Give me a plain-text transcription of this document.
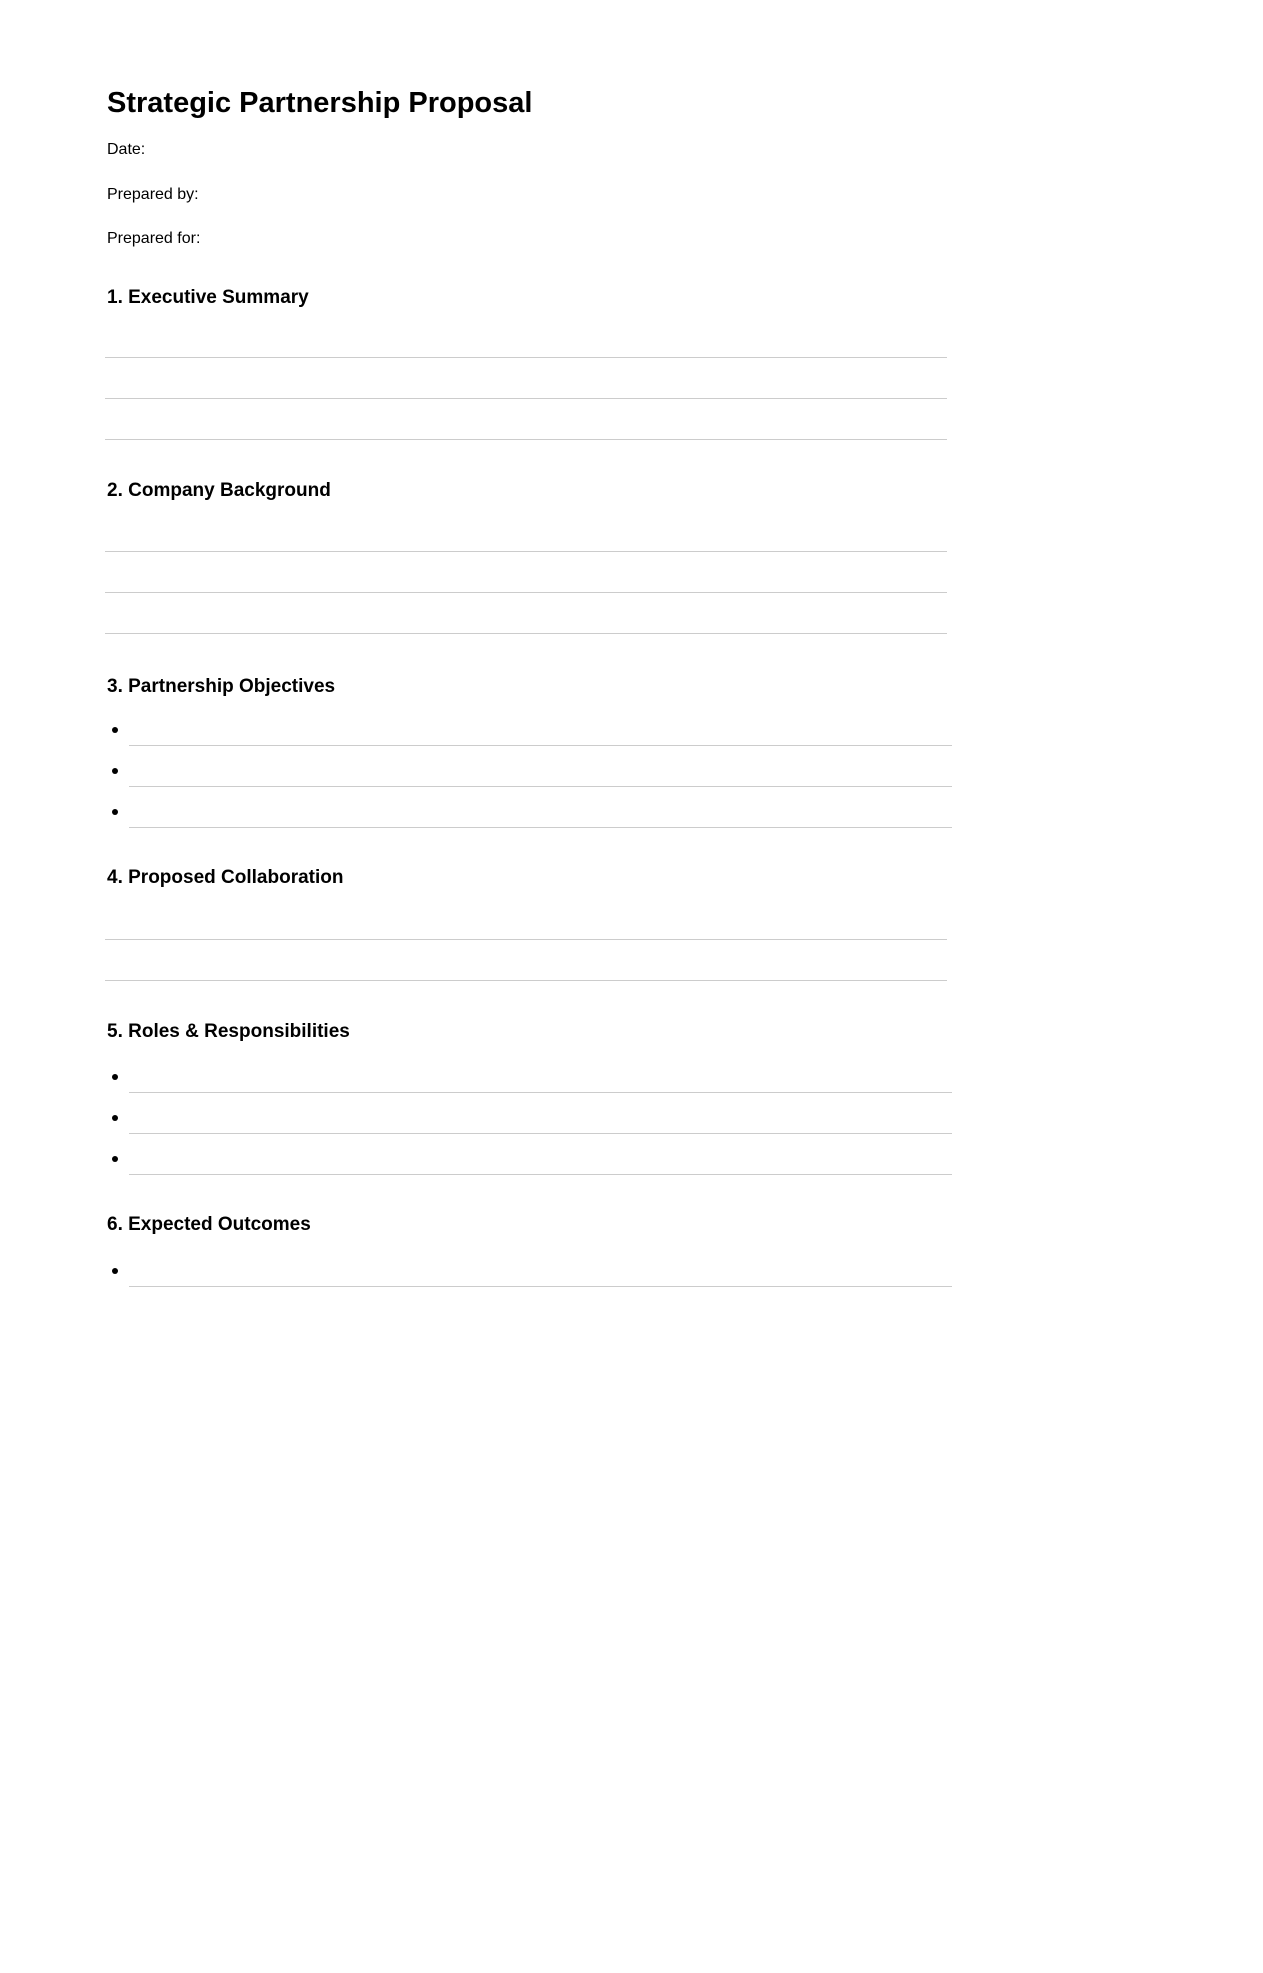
Strategic Partnership Proposal

Date:

Prepared by:

Prepared for:

1. Executive Summary
2. Company Background
3. Partnership Objectives
4. Proposed Collaboration
5. Roles & Responsibilities
6. Expected Outcomes
